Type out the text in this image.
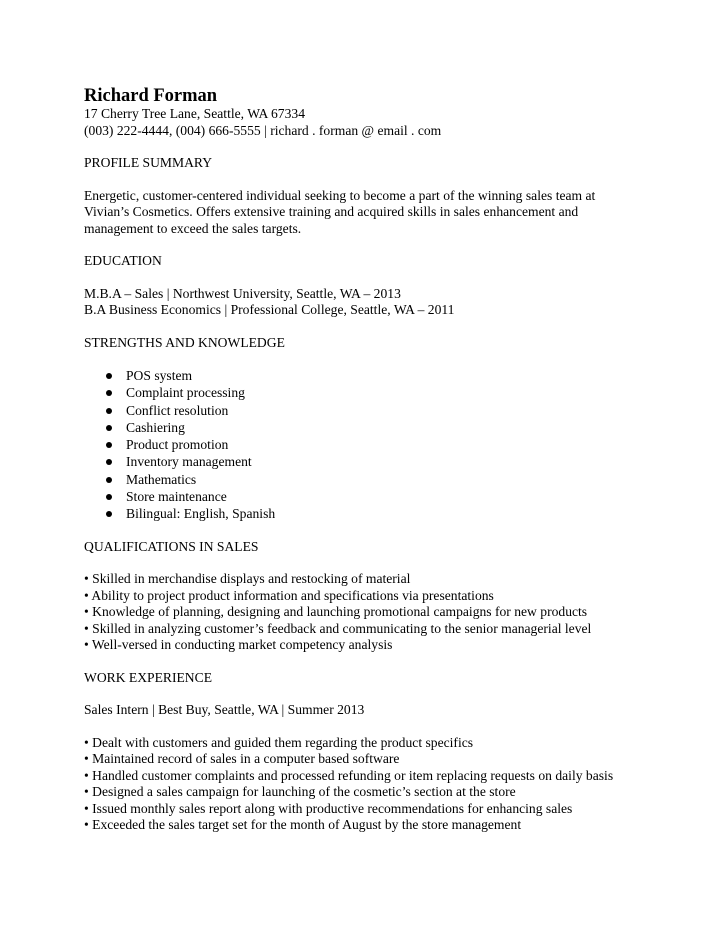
Richard Forman

17 Cherry Tree Lane, Seattle, WA 67334

(003) 222-4444, (004) 666-5555 | richard . forman @ email . com

PROFILE SUMMARY

Energetic, customer-centered individual seeking to become a part of the winning sales team at

Vivian’s Cosmetics. Offers extensive training and acquired skills in sales enhancement and

management to exceed the sales targets.

EDUCATION

M.B.A – Sales | Northwest University, Seattle, WA – 2013

B.A Business Economics | Professional College, Seattle, WA – 2011

STRENGTHS AND KNOWLEDGE

POS system
Complaint processing
Conflict resolution
Cashiering
Product promotion
Inventory management
Mathematics
Store maintenance
Bilingual: English, Spanish

QUALIFICATIONS IN SALES

• Skilled in merchandise displays and restocking of material
• Ability to project product information and specifications via presentations
• Knowledge of planning, designing and launching promotional campaigns for new products
• Skilled in analyzing customer’s feedback and communicating to the senior managerial level
• Well-versed in conducting market competency analysis

WORK EXPERIENCE

Sales Intern | Best Buy, Seattle, WA | Summer 2013

• Dealt with customers and guided them regarding the product specifics
• Maintained record of sales in a computer based software
• Handled customer complaints and processed refunding or item replacing requests on daily basis
• Designed a sales campaign for launching of the cosmetic’s section at the store
• Issued monthly sales report along with productive recommendations for enhancing sales
• Exceeded the sales target set for the month of August by the store management
